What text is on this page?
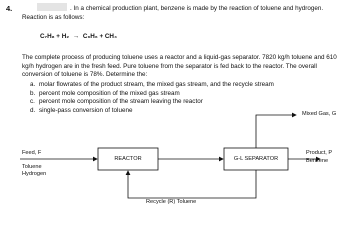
4.	. In a chemical production plant, benzene is made by the reaction of toluene and hydrogen. Reaction is as follows:
C₇H₈ + H₂ → C₆H₆ + CH₄
The complete process of producing toluene uses a reactor and a liquid-gas separator. 7820 kg/h toluene and 610 kg/h hydrogen are in the fresh feed. Pure toluene from the separator is fed back to the reactor. The overall conversion of toluene is 78%. Determine the:
a. molar flowrates of the product stream, the mixed gas stream, and the recycle stream
b. percent mole composition of the mixed gas stream
c. percent mole composition of the stream leaving the reactor
d. single-pass conversion of toluene
REACTOR	G-L SEPARATOR
Feed, F
Toluene
Hydrogen
Mixed Gas, G
Product, P
Benzene
Recycle (R) Toluene
